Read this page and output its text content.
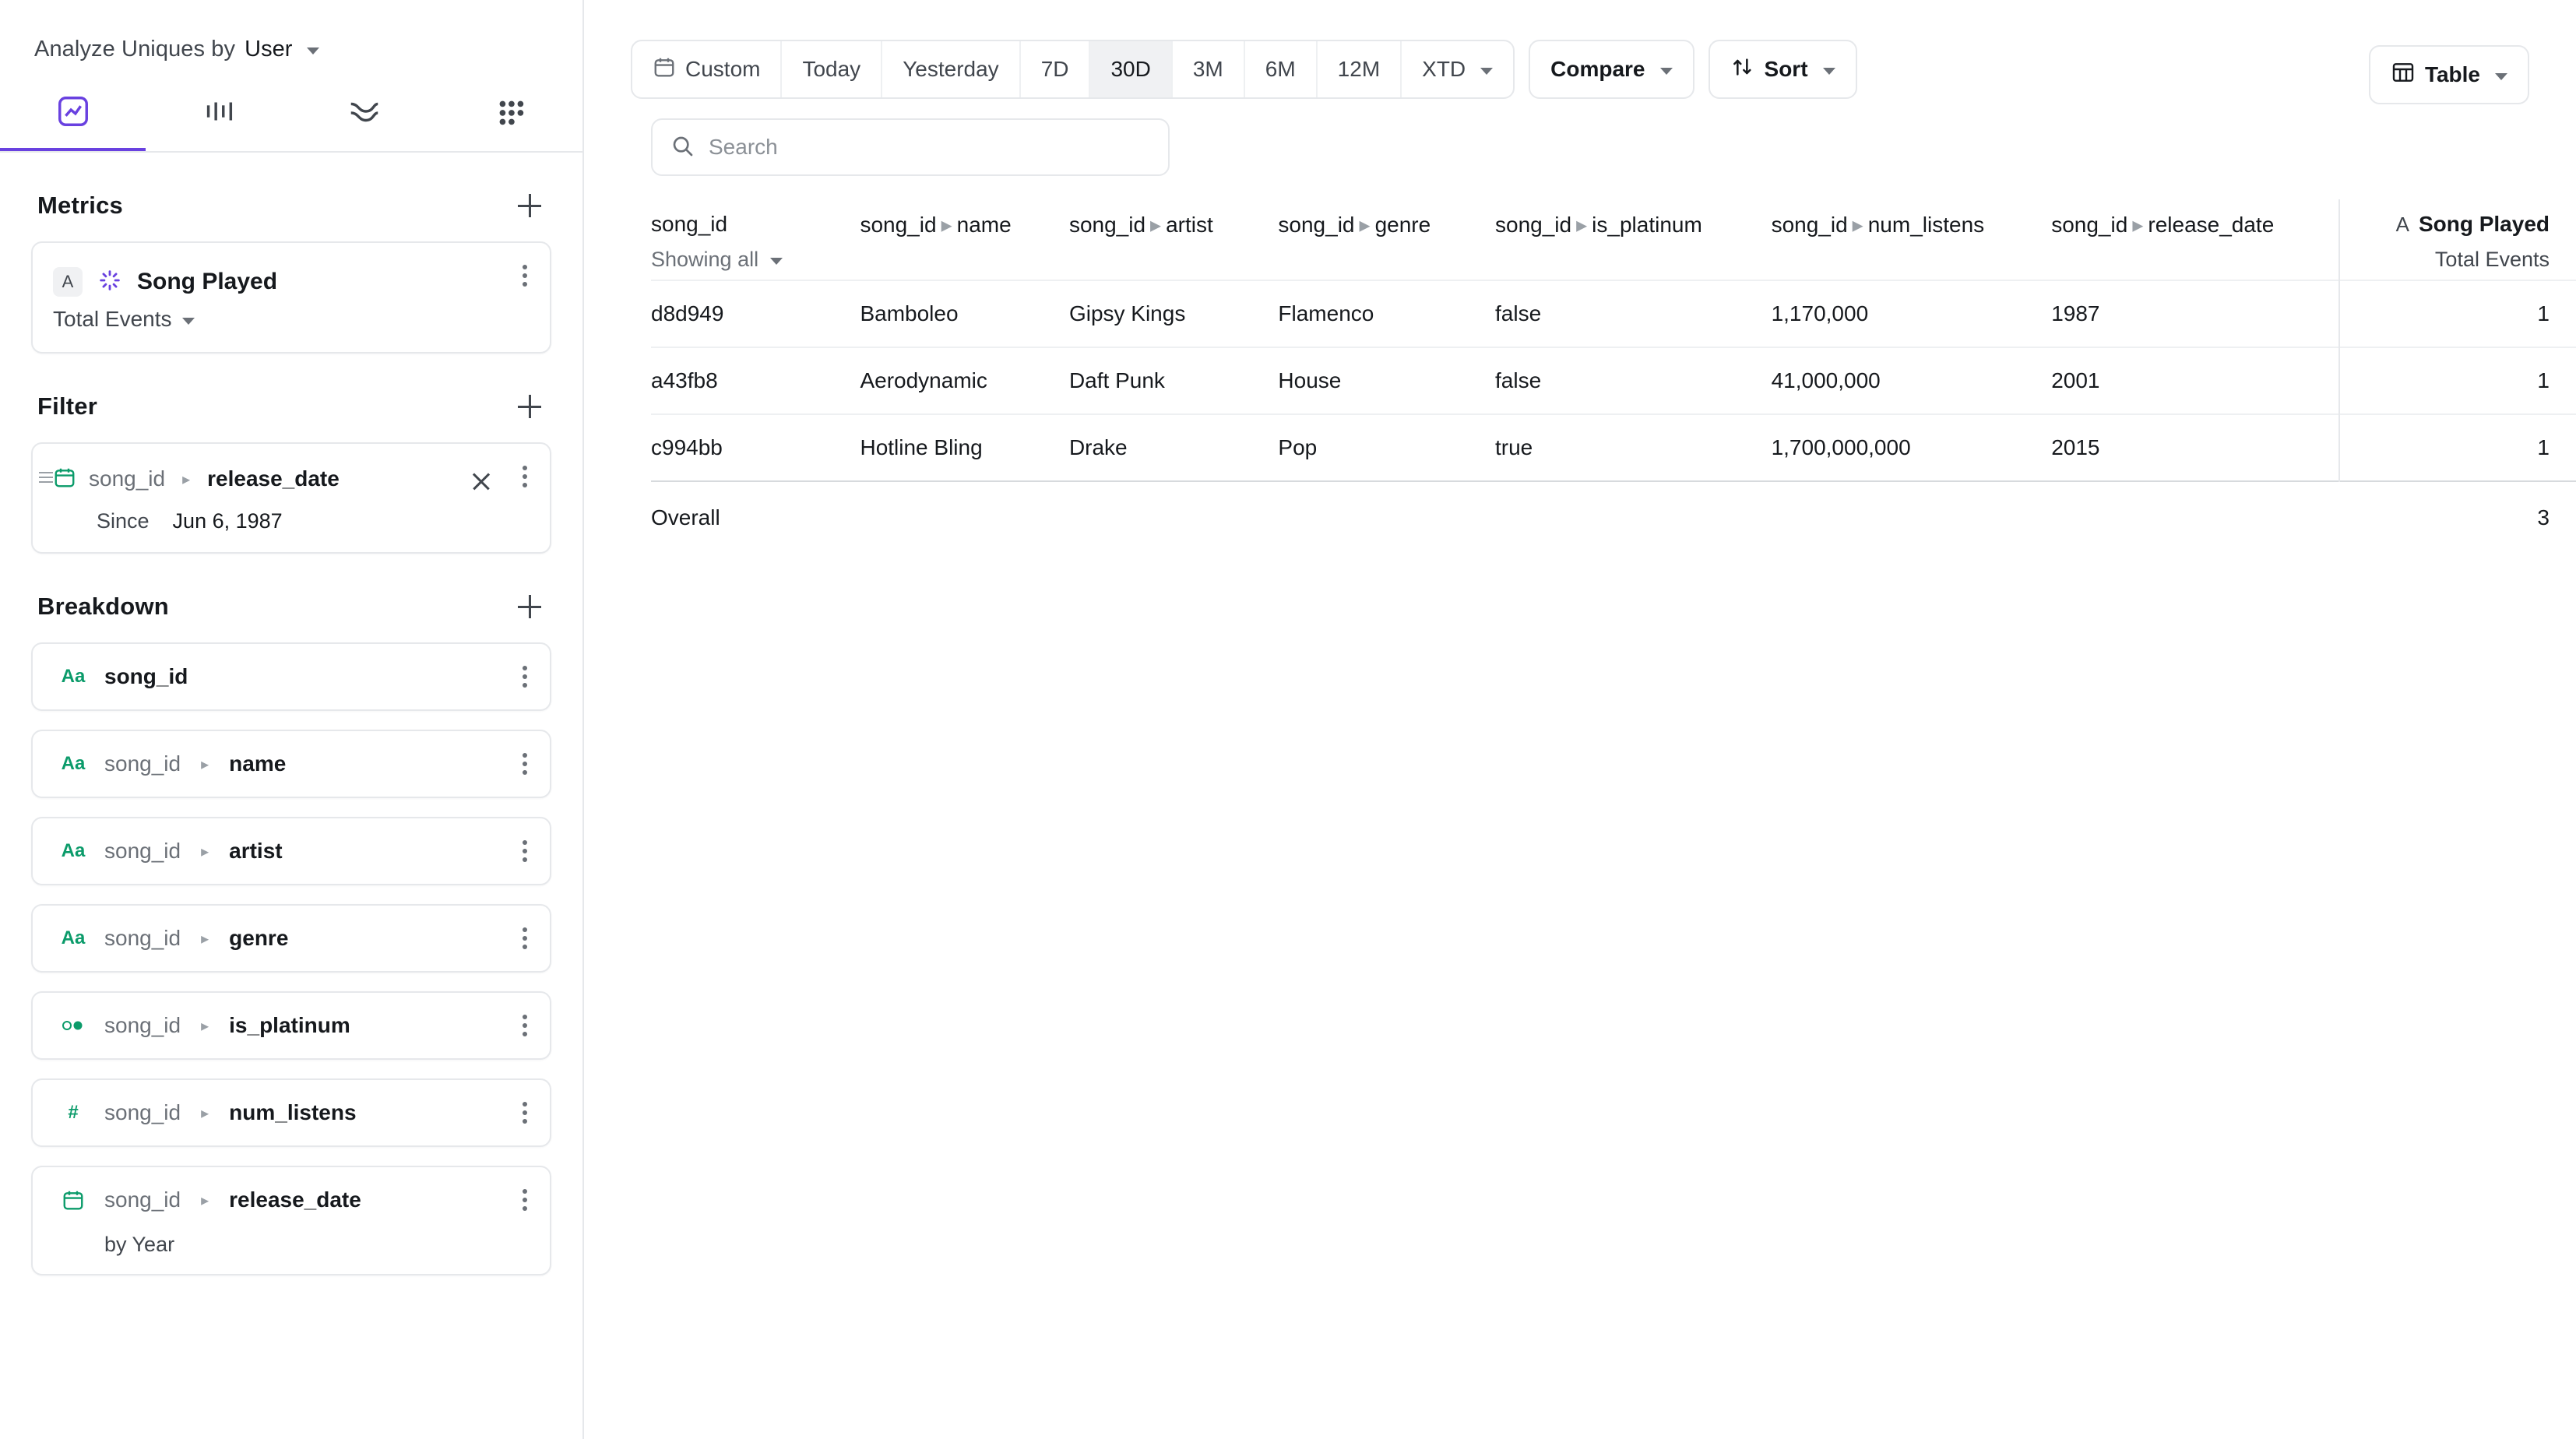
Analyze Uniques by User
Metrics
A	Song Played
Total Events
Filter
song_id	▸ release_date
Since Jun 6, 1987
Breakdown
Aa song_id
Aa song_id	▸ name
Aa song_id	▸ artist
Aa song_id	▸ genre
song_id	▸ is_platinum
#	song_id	▸ num_listens
song_id	▸ release_date
by Year
Custom	Today	Yesterday	7D	30D	3M	6M	12M	XTD	Compare	Sort	Table
Search
song_id
Showing all
	song_id ▸ name	song_id ▸ artist	song_id ▸ genre	song_id ▸ is_platinum	song_id ▸ num_listens	song_id ▸ release_date	A Song Played
Total Events

d8d949	Bamboleo	Gipsy Kings	Flamenco	false	1,170,000	1987	1
a43fb8	Aerodynamic	Daft Punk	House	false	41,000,000	2001	1
c994bb	Hotline Bling	Drake	Pop	true	1,700,000,000	2015	1
Overall							3
